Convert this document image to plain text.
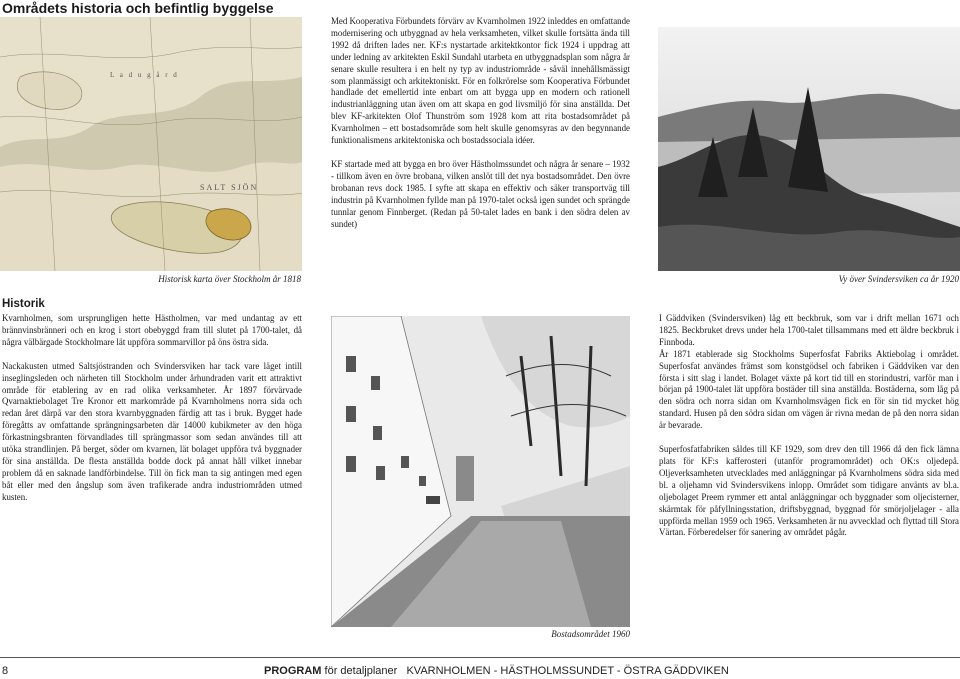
Områdets historia och befintlig byggelse
SALT SJÖN
L a d u g å r d
Historisk karta över Stockholm år 1818

Med Kooperativa Förbundets förvärv av Kvarnholmen 1922 inleddes en omfattande modernisering och utbyggnad av hela verksamheten, vilket skulle fortsätta ända till 1992 då driften lades ner. KF:s nystartade arkitektkontor fick 1924 i uppdrag att under ledning av arkitekten Eskil Sundahl utarbeta en utbyggnadsplan som några år senare skulle resultera i en helt ny typ av industriområde - såväl innehållsmässigt som planmässigt och arkitektoniskt. För en folkrörelse som Kooperativa Förbundet handlade det emellertid inte enbart om att bygga upp en modern och rationell industrianläggning utan även om att skapa en god livsmiljö för sina anställda. Det blev KF-arkitekten Olof Thunström som 1928 kom att rita bostadsområdet på Kvarnholmen – ett bostadsområde som helt skulle genomsyras av den begynnande funktionalismens arkitektoniska och bostadssociala idéer.

KF startade med att bygga en bro över Hästholmssundet och några år senare – 1932 - tillkom även en övre brobana, vilken anslöt till det nya bostadsområdet. Den övre brobanan revs dock 1985. I syfte att skapa en effektiv och säker transportväg till industrin på Kvarnholmen fyllde man på 1970-talet också igen sundet och sprängde tunnlar genom Finnberget. (Redan på 50-talet lades en bank i den södra delen av sundet)

Vy över Svindersviken ca år 1920
Historik

Kvarnholmen, som ursprungligen hette Hästholmen, var med undantag av ett brännvinsbränneri och en krog i stort obebyggd fram till slutet på 1700-talet, då några välbärgade Stockholmare lät uppföra sommarvillor på öns östra sida.

Nackakusten utmed Saltsjöstranden och Svindersviken har tack vare läget intill inseglingsleden och närheten till Stockholm under århundraden varit ett attraktivt område för etablering av en rad olika verksamheter. År 1897 förvärvade Qvarnaktiebolaget Tre Kronor ett markområde på Kvarnholmens norra sida och redan året därpå var den stora kvarnbyggnaden färdig att tas i bruk. Bygget hade föregåtts av omfattande sprängningsarbeten där 14000 kubikmeter av den höga förkastningsbranten förvandlades till sprängmassor som sedan användes till att utöka strandlinjen. På berget, söder om kvarnen, lät bolaget uppföra två byggnader för sina anställda. De flesta anställda bodde dock på annat håll vilket innebar problem då en saknade landförbindelse. Till ön fick man ta sig antingen med egen båt eller med den ångslup som även trafikerade andra industriområden utmed kusten.

Bostadsområdet 1960

I Gäddviken (Svindersviken) låg ett beckbruk, som var i drift mellan 1671 och 1825. Beckbruket drevs under hela 1700-talet tillsammans med ett äldre beckbruk i Finnboda.

År 1871 etablerade sig Stockholms Superfosfat Fabriks Aktiebolag i området. Superfosfat användes främst som konstgödsel och fabriken i Gäddviken var den första i sitt slag i landet. Bolaget växte på kort tid till en storindustri, varför man i början på 1900-talet lät uppföra bostäder till sina anställda. Bostäderna, som låg på den södra och norra sidan om Kvarnholmsvägen fick en för sin tid mycket hög standard. Husen på den södra sidan om vägen är rivna medan de på den norra sidan är bevarade.

Superfosfatfabriken såldes till KF 1929, som drev den till 1966 då den fick lämna plats för KF:s kafferosteri (utanför programområdet) och OK:s oljedepå. Oljeverksamheten utvecklades med anläggningar på Kvarnholmens södra sida med bl. a oljehamn vid Svindersvikens inlopp. Området som tidigare använts av bl.a. oljebolaget Preem rymmer ett antal anläggningar och byggnader som oljecisterner, skärmtak för påfyllningsstation, driftsbyggnad, byggnad för smörjoljelager - alla uppförda mellan 1959 och 1965. Verksamheten är nu avvecklad och flyttad till Stora Värtan. Förberedelser för sanering av området pågår.

8	PROGRAM för detaljplaner KVARNHOLMEN - HÄSTHOLMSSUNDET - ÖSTRA GÄDDVIKEN
